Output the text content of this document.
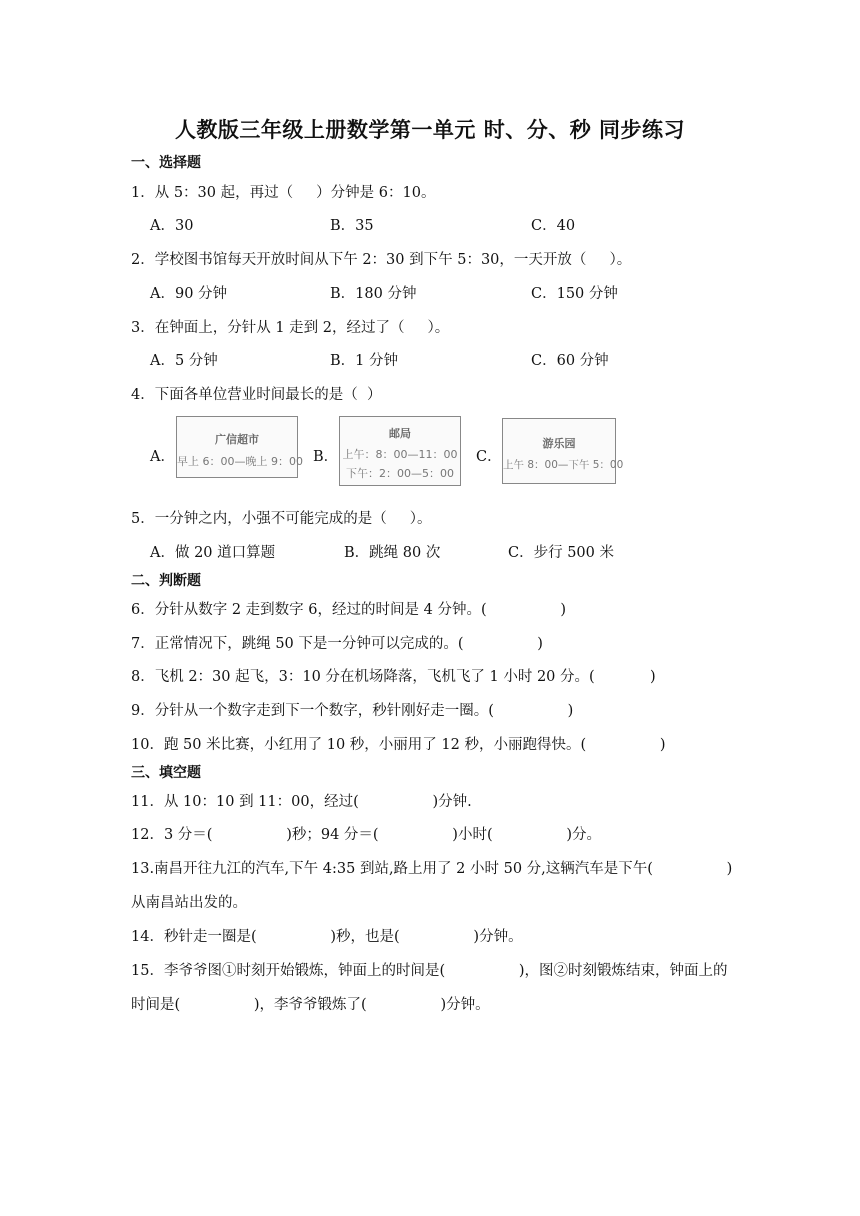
人教版三年级上册数学第一单元 时、分、秒 同步练习
一、选择题
1．从 5：30 起，再过（     ）分钟是 6：10。
A．30	B．35	C．40
2．学校图书馆每天开放时间从下午 2：30 到下午 5：30，一天开放（     ）。
A．90 分钟	B．180 分钟	C．150 分钟
3．在钟面上，分针从 1 走到 2，经过了（     ）。
A．5 分钟	B．1 分钟	C．60 分钟
4．下面各单位营业时间最长的是（  ）
A．
广信超市
早上 6：00—晚上 9：00 B．
邮局
上午：8：00—11：00
下午：2：00—5：00
C．
游乐园
上午 8：00—下午 5：00
5．一分钟之内，小强不可能完成的是（     ）。
A．做 20 道口算题	B．跳绳 80 次	C．步行 500 米
二、判断题
6．分针从数字 2 走到数字 6，经过的时间是 4 分钟。(                )
7．正常情况下，跳绳 50 下是一分钟可以完成的。(                )
8．飞机 2：30 起飞，3：10 分在机场降落，飞机飞了 1 小时 20 分。(            )
9．分针从一个数字走到下一个数字，秒针刚好走一圈。(                )
10．跑 50 米比赛，小红用了 10 秒，小丽用了 12 秒，小丽跑得快。(                )
三、填空题
11．从 10：10 到 11：00，经过(                )分钟.
12．3 分＝(                )秒；94 分＝(                )小时(                )分。
13.南昌开往九江的汽车,下午 4:35 到站,路上用了 2 小时 50 分,这辆汽车是下午(                )
从南昌站出发的。
14．秒针走一圈是(                )秒，也是(                )分钟。
15．李爷爷图①时刻开始锻炼，钟面上的时间是(                )，图②时刻锻炼结束，钟面上的
时间是(                )，李爷爷锻炼了(                )分钟。
